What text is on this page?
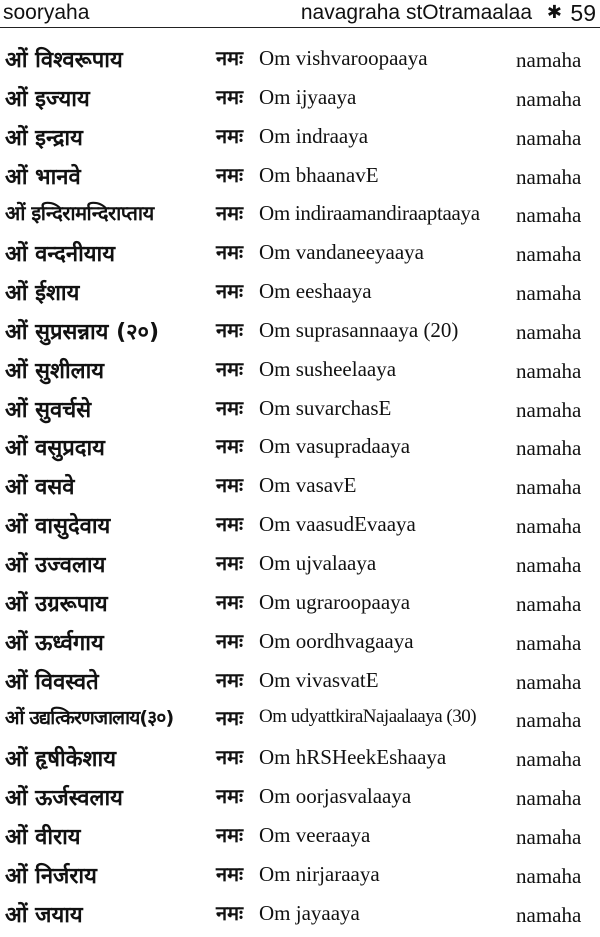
sooryaha	navagraha stOtramaalaa ✱ 59
ओं विश्वरूपाय	नमः Om vishvaroopaaya	namaha
ओं इज्याय	नमः Om ijyaaya	namaha
ओं इन्द्राय	नमः Om indraaya	namaha
ओं भानवे	नमः Om bhaanavE	namaha
ओं इन्दिरामन्दिराप्ताय	नमः Om indiraamandiraaptaaya namaha
ओं वन्दनीयाय	नमः Om vandaneeyaaya	namaha
ओं ईशाय	नमः Om eeshaaya	namaha
ओं सुप्रसन्नाय (२०)	नमः Om suprasannaaya (20)	namaha
ओं सुशीलाय	नमः Om susheelaaya	namaha
ओं सुवर्चसे	नमः Om suvarchasE	namaha
ओं वसुप्रदाय	नमः Om vasupradaaya	namaha
ओं वसवे	नमः Om vasavE	namaha
ओं वासुदेवाय	नमः Om vaasudEvaaya	namaha
ओं उज्वलाय	नमः Om ujvalaaya	namaha
ओं उग्ररूपाय	नमः Om ugraroopaaya	namaha
ओं ऊर्ध्वगाय	नमः Om oordhvagaaya	namaha
ओं विवस्वते	नमः Om vivasvatE	namaha
ओं उद्यत्किरणजालाय(३०) नमः Om udyattkiraNajaalaaya (30) namaha
ओं हृषीकेशाय	नमः Om hRSHeekEshaaya	namaha
ओं ऊर्जस्वलाय	नमः Om oorjasvalaaya	namaha
ओं वीराय	नमः Om veeraaya	namaha
ओं निर्जराय	नमः Om nirjaraaya	namaha
ओं जयाय	नमः Om jayaaya	namaha
